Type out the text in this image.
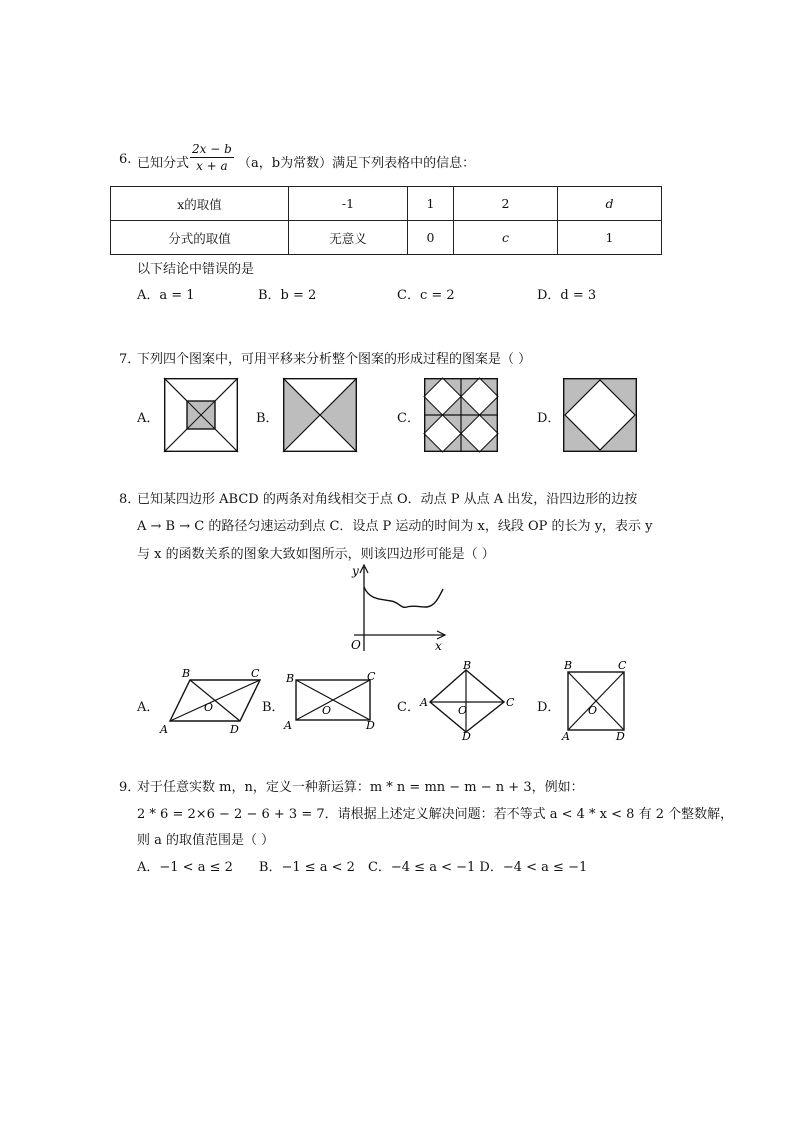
6. 已知分式 $\frac{2x - b}{x + a} (a$，b为常数）满足下列表格中的信息：
x的取值	-1	1	2	d
分式的取值	无意义	0	c	1
以下结论中错误的是
A．a = 1	B．b = 2	C．c = 2	D．d = 3
7．
下列四个图案中，可用平移来分析整个图案的形成过程的图案是（ ）
A．	B．	C．	D．
8．
已知某四边形 ABCD 的两条对角线相交于点 O．动点 P 从点 A 出发，沿四边形的边按
A → B → C 的路径匀速运动到点 C．设点 P 运动的时间为 x，线段 OP 的长为 y，表示 y
与 x 的函数关系的图象大致如图所示，则该四边形可能是（ ）
y
x
O
A．
B	C
A	D
O	B．
B	C
A	D
O	C．
B
C
A
D
O	D．
B	C
A	D
O
9．
对于任意实数 m，n，定义一种新运算：m * n = mn − m − n + 3，例如：
2 * 6 = 2×6 − 2 − 6 + 3 = 7．请根据上述定义解决问题：若不等式 a < 4 * x < 8 有 2 个整数解，
则 a 的取值范围是（ ）
A．−1 < a ≤ 2　　B．−1 ≤ a < 2　C．−4 ≤ a < −1 D．−4 < a ≤ −1
